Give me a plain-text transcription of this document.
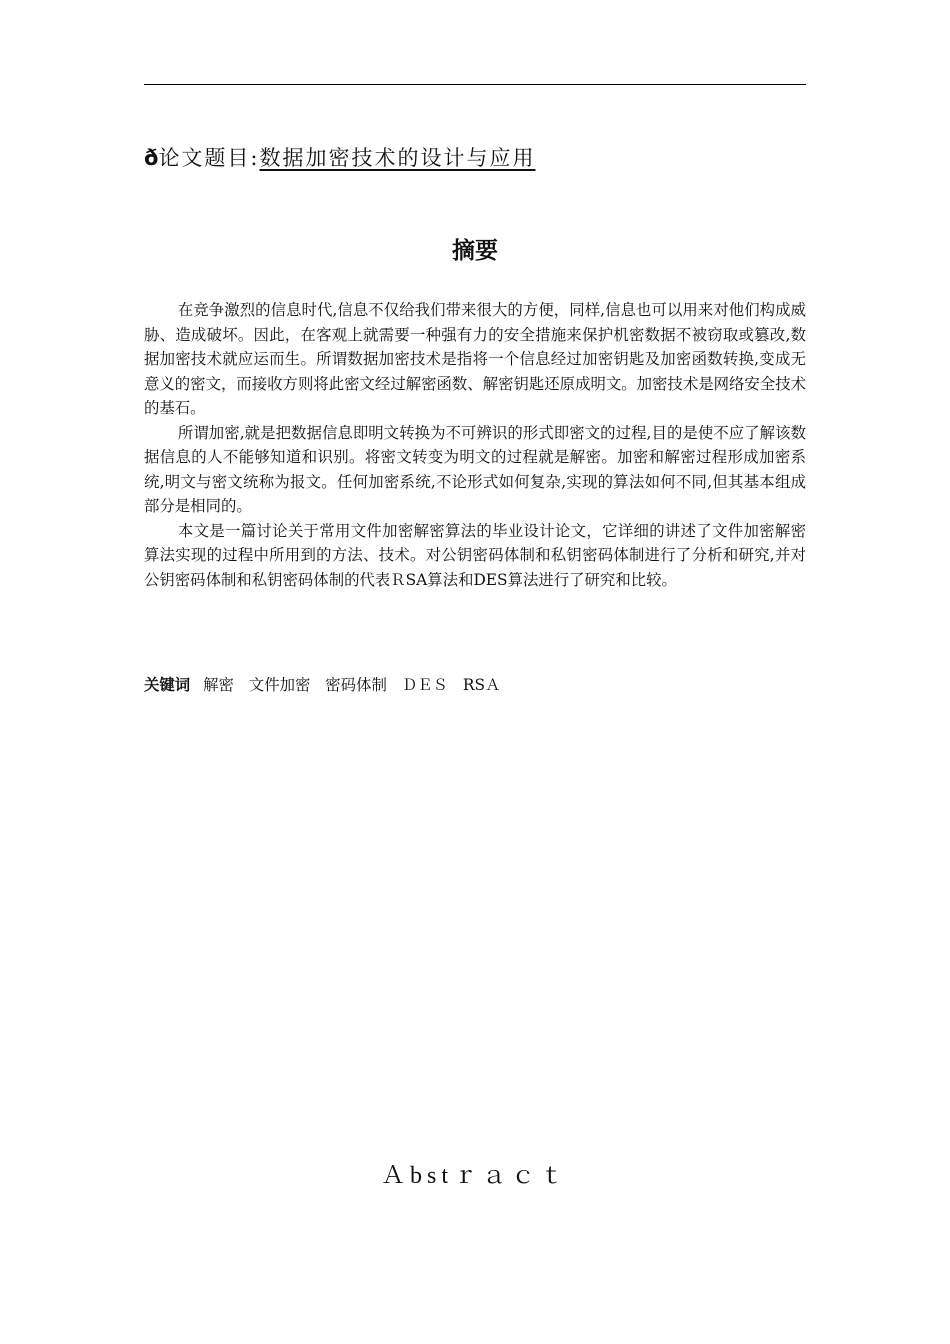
ð论文题目:数据加密技术的设计与应用
摘要

在竞争激烈的信息时代,信息不仅给我们带来很大的方便，同样,信息也可以用来对他们构成威胁、造成破坏。因此，在客观上就需要一种强有力的安全措施来保护机密数据不被窃取或篡改,数据加密技术就应运而生。所谓数据加密技术是指将一个信息经过加密钥匙及加密函数转换,变成无意义的密文，而接收方则将此密文经过解密函数、解密钥匙还原成明文。加密技术是网络安全技术的基石。

所谓加密,就是把数据信息即明文转换为不可辨识的形式即密文的过程,目的是使不应了解该数据信息的人不能够知道和识别。将密文转变为明文的过程就是解密。加密和解密过程形成加密系统,明文与密文统称为报文。任何加密系统,不论形式如何复杂,实现的算法如何不同,但其基本组成部分是相同的。

本文是一篇讨论关于常用文件加密解密算法的毕业设计论文，它详细的讲述了文件加密解密算法实现的过程中所用到的方法、技术。对公钥密码体制和私钥密码体制进行了分析和研究,并对公钥密码体制和私钥密码体制的代表ＲSA算法和DES算法进行了研究和比较。

关键词 解密 文件加密 密码体制 ＤＥＳ RSＡ
Ａbstｒａｃｔ
